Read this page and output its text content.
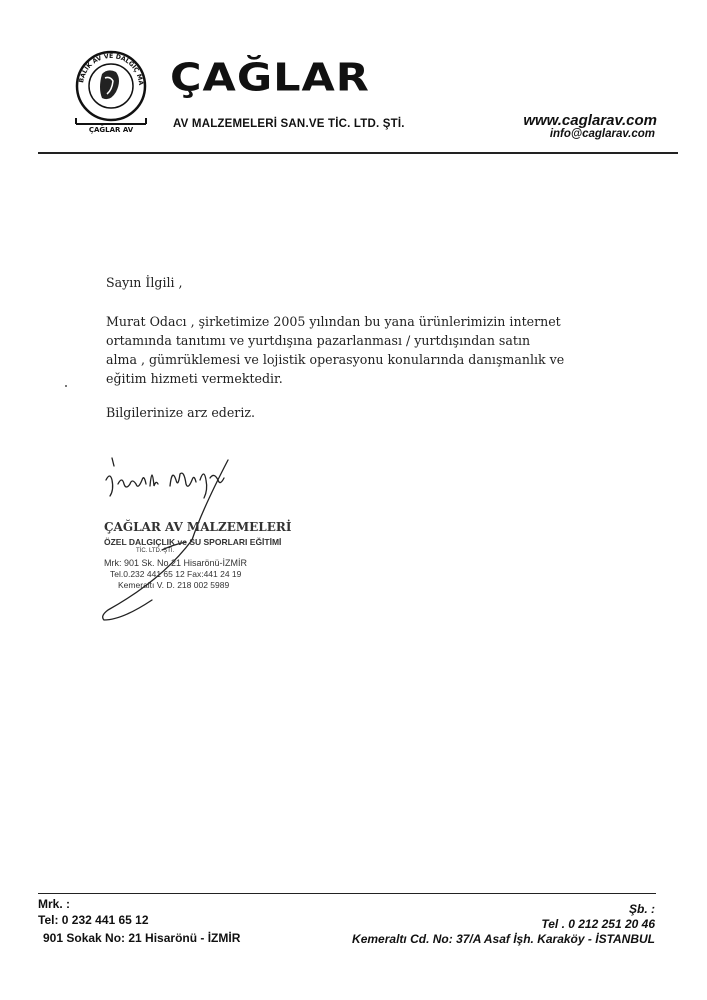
BALIK AV VE DALGIÇ MA
ÇAĞLAR AV
ÇAĞLAR
AV MALZEMELERİ SAN.VE TİC. LTD. ŞTİ.	www.caglarav.com
info@caglarav.com
Sayın İlgili ,
Murat Odacı , şirketimize 2005 yılından bu yana ürünlerimizin internet
ortamında tanıtımı ve yurtdışına pazarlanması / yurtdışından satın
alma , gümrüklemesi ve lojistik operasyonu konularında danışmanlık ve
eğitim hizmeti vermektedir.
Bilgilerinize arz ederiz.
ÇAĞLAR AV MALZEMELERİ
ÖZEL DALGIÇLIK ve SU SPORLARI EĞİTİMİ
TİC. LTD. ŞTİ.
Mrk: 901 Sk. No.21 Hisarönü-İZMİR
Tel.0.232 441 65 12 Fax:441 24 19
Kemeraltı V. D. 218 002 5989
Mrk. :
Tel: 0 232 441 65 12
901 Sokak No: 21 Hisarönü - İZMİR
Şb. :
Tel . 0 212 251 20 46
Kemeraltı Cd. No: 37/A Asaf İşh. Karaköy - İSTANBUL
